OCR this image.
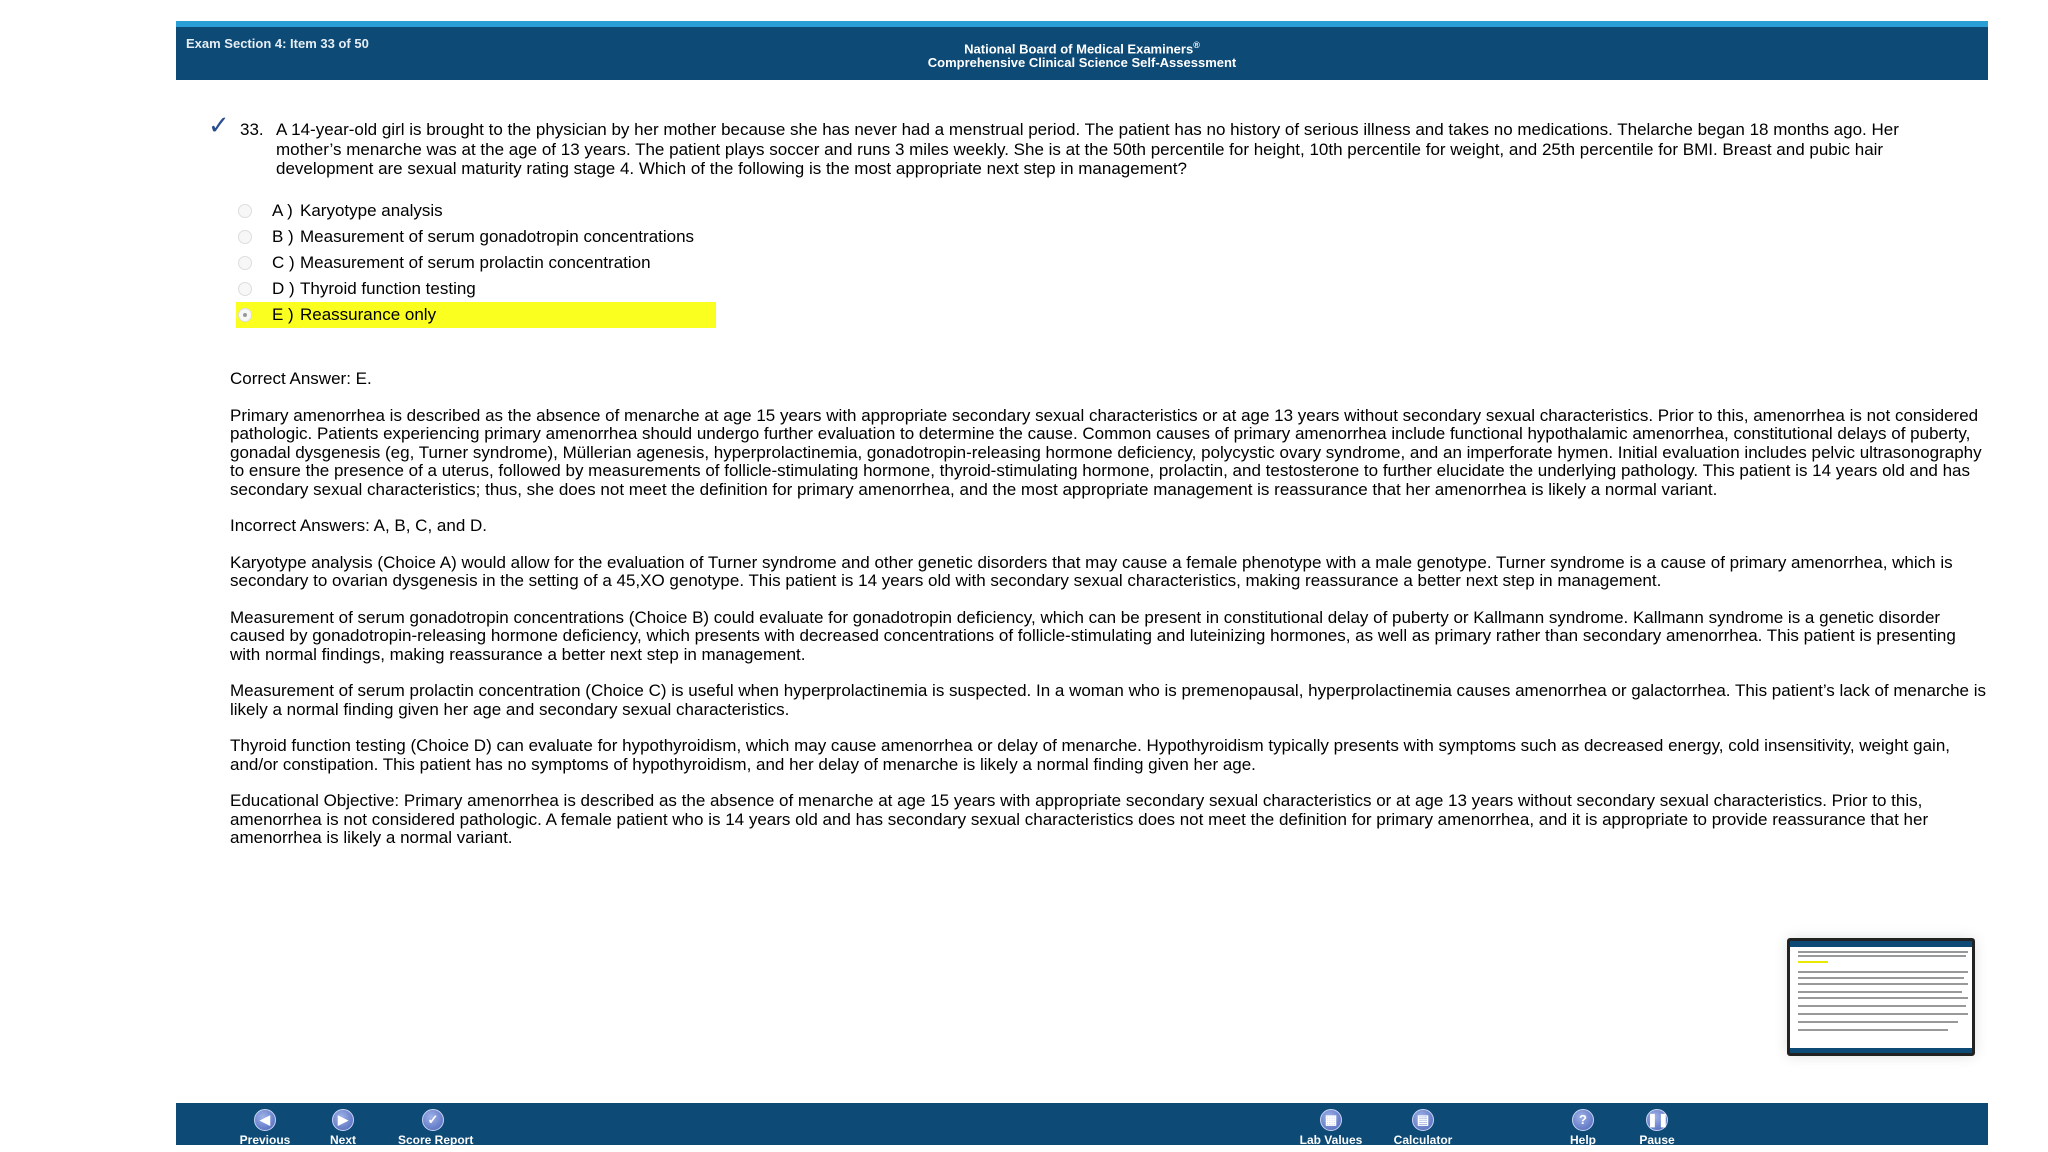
Exam Section 4: Item 33 of 50	National Board of Medical Examiners®
Comprehensive Clinical Science Self-Assessment
✓ 33. A 14-year-old girl is brought to the physician by her mother because she has never had a menstrual period. The patient has no history of serious illness and takes no medications. Thelarche began 18 months ago. Her mother’s menarche was at the age of 13 years. The patient plays soccer and runs 3 miles weekly. She is at the 50th percentile for height, 10th percentile for weight, and 25th percentile for BMI. Breast and pubic hair development are sexual maturity rating stage 4. Which of the following is the most appropriate next step in management?
A ) Karyotype analysis
B ) Measurement of serum gonadotropin concentrations
C ) Measurement of serum prolactin concentration
D ) Thyroid function testing
E ) Reassurance only

Correct Answer: E.

Primary amenorrhea is described as the absence of menarche at age 15 years with appropriate secondary sexual characteristics or at age 13 years without secondary sexual characteristics. Prior to this, amenorrhea is not considered pathologic. Patients experiencing primary amenorrhea should undergo further evaluation to determine the cause. Common causes of primary amenorrhea include functional hypothalamic amenorrhea, constitutional delays of puberty, gonadal dysgenesis (eg, Turner syndrome), Müllerian agenesis, hyperprolactinemia, gonadotropin-releasing hormone deficiency, polycystic ovary syndrome, and an imperforate hymen. Initial evaluation includes pelvic ultrasonography to ensure the presence of a uterus, followed by measurements of follicle-stimulating hormone, thyroid-stimulating hormone, prolactin, and testosterone to further elucidate the underlying pathology. This patient is 14 years old and has secondary sexual characteristics; thus, she does not meet the definition for primary amenorrhea, and the most appropriate management is reassurance that her amenorrhea is likely a normal variant.

Incorrect Answers: A, B, C, and D.

Karyotype analysis (Choice A) would allow for the evaluation of Turner syndrome and other genetic disorders that may cause a female phenotype with a male genotype. Turner syndrome is a cause of primary amenorrhea, which is secondary to ovarian dysgenesis in the setting of a 45,XO genotype. This patient is 14 years old with secondary sexual characteristics, making reassurance a better next step in management.

Measurement of serum gonadotropin concentrations (Choice B) could evaluate for gonadotropin deficiency, which can be present in constitutional delay of puberty or Kallmann syndrome. Kallmann syndrome is a genetic disorder caused by gonadotropin-releasing hormone deficiency, which presents with decreased concentrations of follicle-stimulating and luteinizing hormones, as well as primary rather than secondary amenorrhea. This patient is presenting with normal findings, making reassurance a better next step in management.

Measurement of serum prolactin concentration (Choice C) is useful when hyperprolactinemia is suspected. In a woman who is premenopausal, hyperprolactinemia causes amenorrhea or galactorrhea. This patient’s lack of menarche is likely a normal finding given her age and secondary sexual characteristics.

Thyroid function testing (Choice D) can evaluate for hypothyroidism, which may cause amenorrhea or delay of menarche. Hypothyroidism typically presents with symptoms such as decreased energy, cold insensitivity, weight gain, and/or constipation. This patient has no symptoms of hypothyroidism, and her delay of menarche is likely a normal finding given her age.

Educational Objective: Primary amenorrhea is described as the absence of menarche at age 15 years with appropriate secondary sexual characteristics or at age 13 years without secondary sexual characteristics. Prior to this, amenorrhea is not considered pathologic. A female patient who is 14 years old and has secondary sexual characteristics does not meet the definition for primary amenorrhea, and it is appropriate to provide reassurance that her amenorrhea is likely a normal variant.

◀
Previous
▶
Next
✓
Score Report
▦
Lab Values
▤
Calculator
?
Help
❚❚
Pause
